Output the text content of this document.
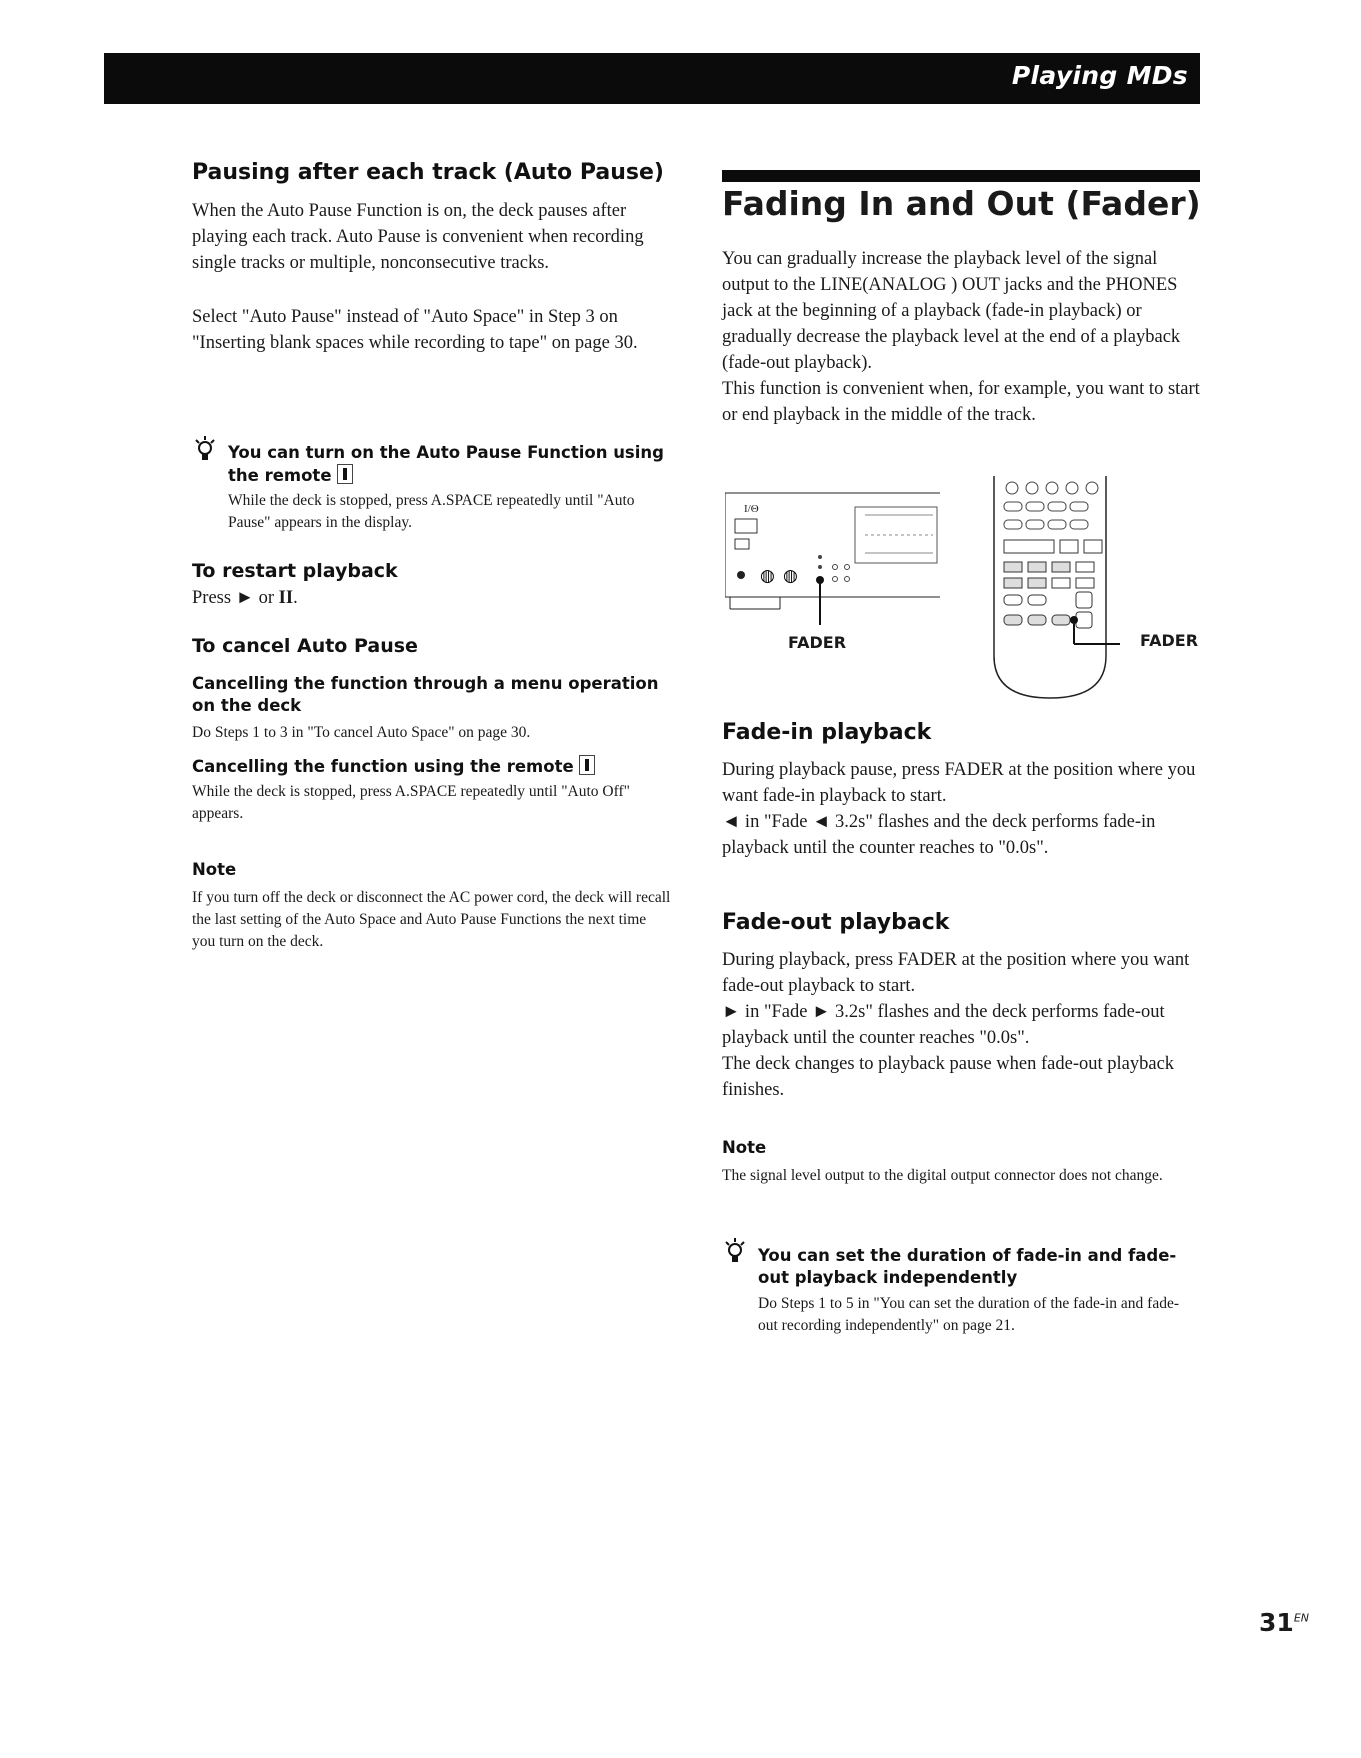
Playing MDs
Pausing after each track (Auto Pause)

When the Auto Pause Function is on, the deck pauses after playing each track. Auto Pause is convenient when recording single tracks or multiple, nonconsecutive tracks.

Select "Auto Pause" instead of "Auto Space" in Step 3 on "Inserting blank spaces while recording to tape" on page 30.

You can turn on the Auto Pause Function using the remote

While the deck is stopped, press A.SPACE repeatedly until "Auto Pause" appears in the display.

To restart playback
Press ► or II.
To cancel Auto Pause
Cancelling the function through a menu operation on the deck

Do Steps 1 to 3 in "To cancel Auto Space" on page 30.

Cancelling the function using the remote

While the deck is stopped, press A.SPACE repeatedly until "Auto Off" appears.

Note

If you turn off the deck or disconnect the AC power cord, the deck will recall the last setting of the Auto Space and Auto Pause Functions the next time you turn on the deck.

Fading In and Out (Fader)

You can gradually increase the playback level of the signal output to the LINE(ANALOG ) OUT jacks and the PHONES jack at the beginning of a playback (fade-in playback) or gradually decrease the playback level at the end of a playback (fade-out playback).

This function is convenient when, for example, you want to start or end playback in the middle of the track.

◍ ◍
I/Θ
FADER	FADER
Fade-in playback

During playback pause, press FADER at the position where you want fade-in playback to start.

◄ in "Fade ◄ 3.2s" flashes and the deck performs fade-in playback until the counter reaches to "0.0s".

Fade-out playback

During playback, press FADER at the position where you want fade-out playback to start.

► in "Fade ► 3.2s" flashes and the deck performs fade-out playback until the counter reaches "0.0s".

The deck changes to playback pause when fade-out playback finishes.

Note

The signal level output to the digital output connector does not change.

You can set the duration of fade-in and fade-out playback independently

Do Steps 1 to 5 in "You can set the duration of the fade-in and fade-out recording independently" on page 21.

$31^{EN}$
